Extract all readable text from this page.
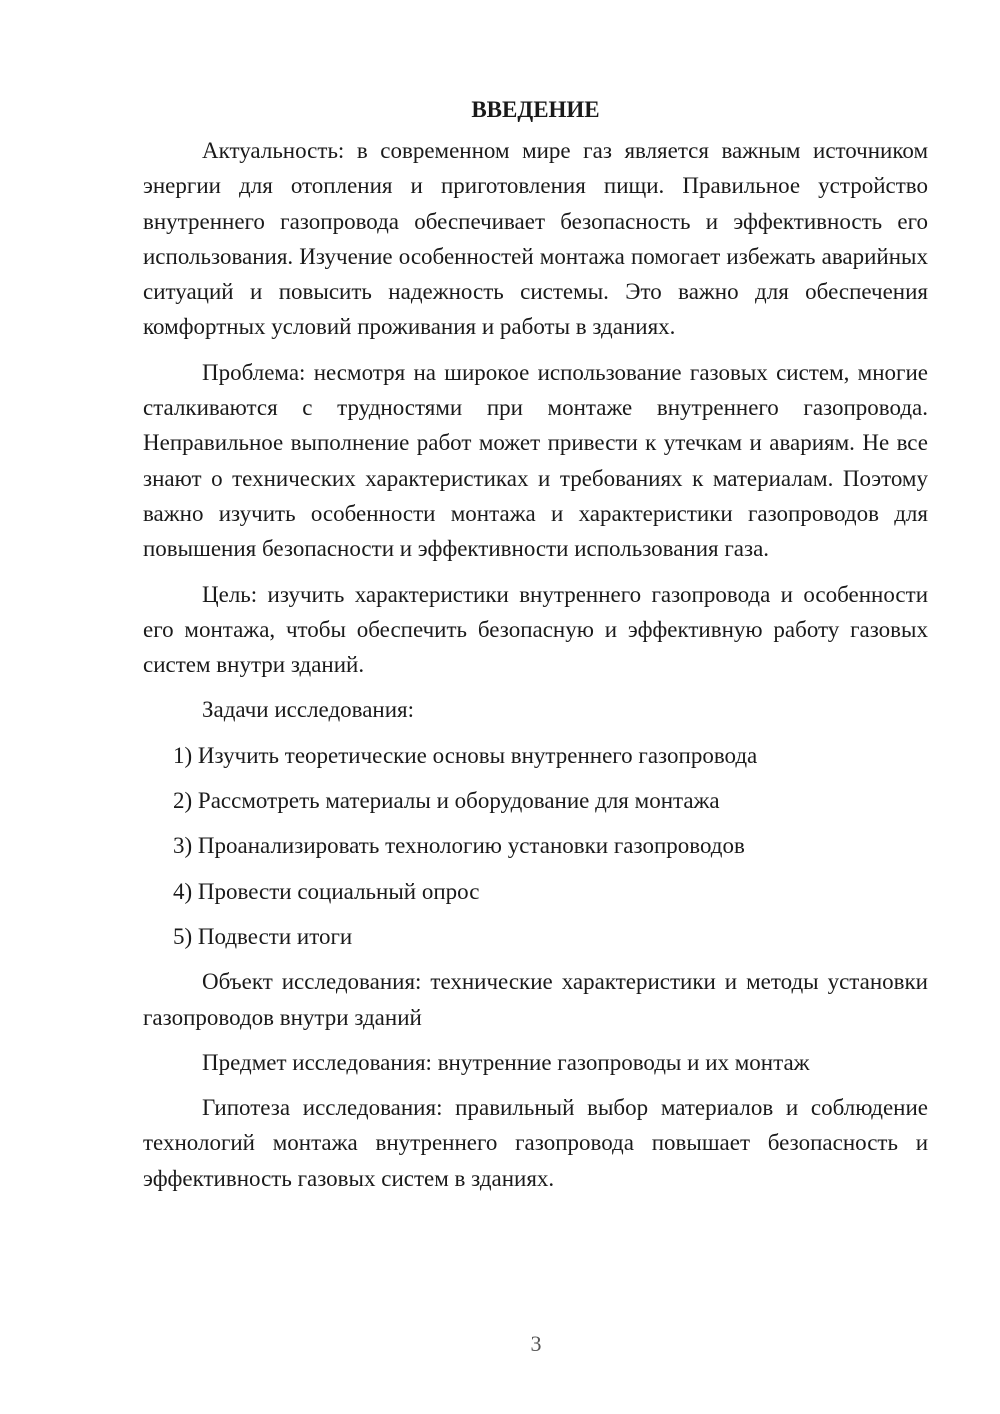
ВВЕДЕНИЕ

Актуальность: в современном мире газ является важным источником энергии для отопления и приготовления пищи. Правильное устройство внутреннего газопровода обеспечивает безопасность и эффективность его использования. Изучение особенностей монтажа помогает избежать аварийных ситуаций и повысить надежность системы. Это важно для обеспечения комфортных условий проживания и работы в зданиях.

Проблема: несмотря на широкое использование газовых систем, многие сталкиваются с трудностями при монтаже внутреннего газопровода. Неправильное выполнение работ может привести к утечкам и авариям. Не все знают о технических характеристиках и требованиях к материалам. Поэтому важно изучить особенности монтажа и характеристики газопроводов для повышения безопасности и эффективности использования газа.

Цель: изучить характеристики внутреннего газопровода и особенности его монтажа, чтобы обеспечить безопасную и эффективную работу газовых систем внутри зданий.

Задачи исследования:

1) Изучить теоретические основы внутреннего газопровода
2) Рассмотреть материалы и оборудование для монтажа
3) Проанализировать технологию установки газопроводов
4) Провести социальный опрос
5) Подвести итоги

Объект исследования: технические характеристики и методы установки газопроводов внутри зданий

Предмет исследования: внутренние газопроводы и их монтаж

Гипотеза исследования: правильный выбор материалов и соблюдение технологий монтажа внутреннего газопровода повышает безопасность и эффективность газовых систем в зданиях.

3
